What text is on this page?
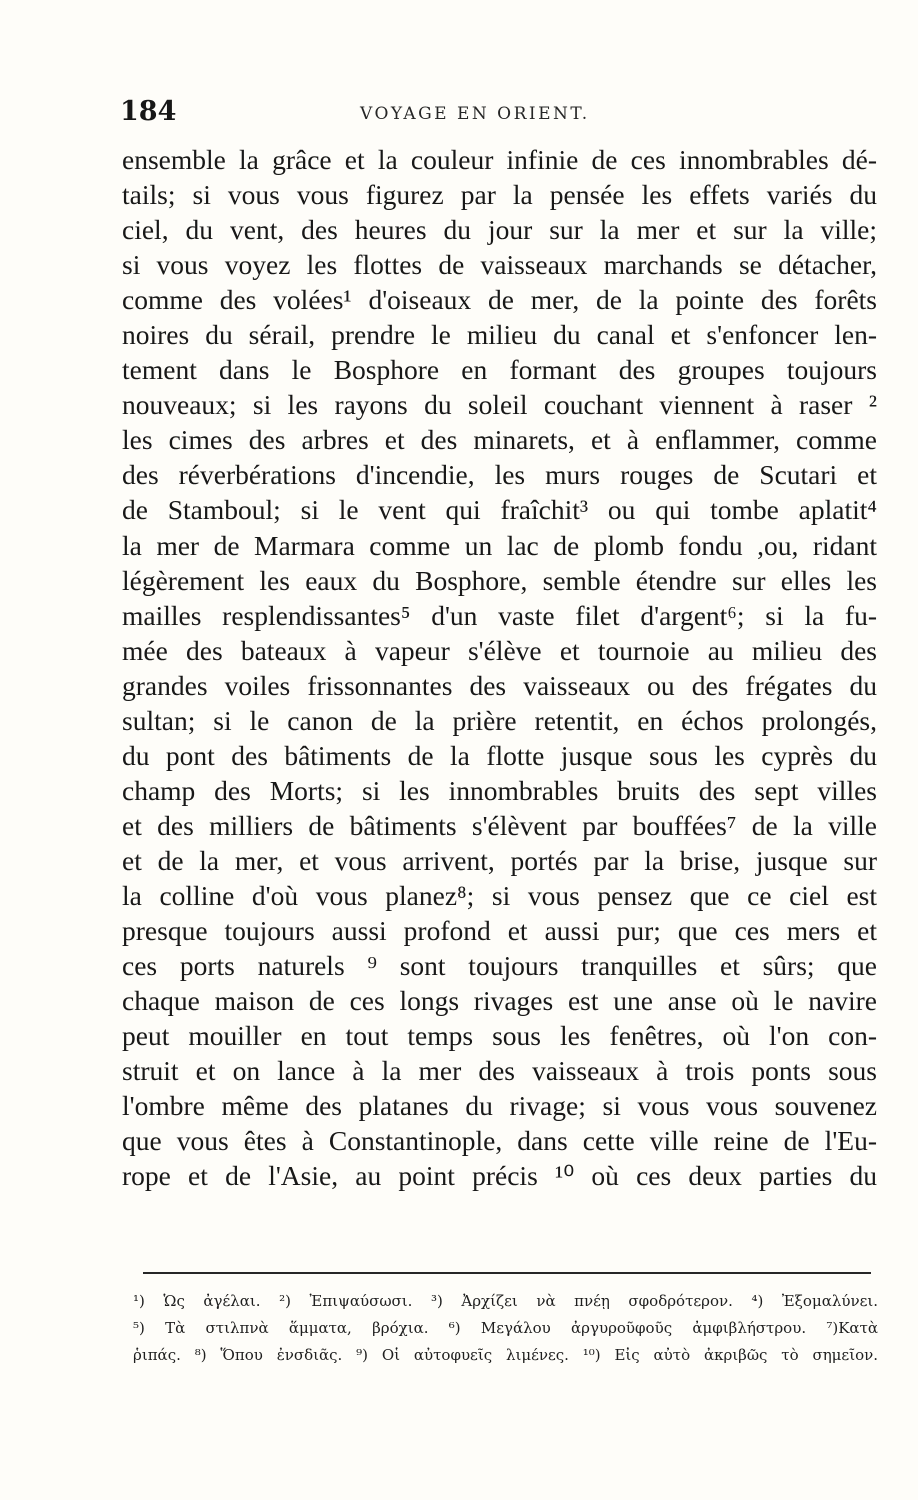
184	VOYAGE EN ORIENT.
ensemble la grâce et la couleur infinie de ces innombrables dé-
tails; si vous vous figurez par la pensée les effets variés du
ciel, du vent, des heures du jour sur la mer et sur la ville;
si vous voyez les flottes de vaisseaux marchands se détacher,
comme des volées¹ d'oiseaux de mer, de la pointe des forêts
noires du sérail, prendre le milieu du canal et s'enfoncer len-
tement dans le Bosphore en formant des groupes toujours
nouveaux; si les rayons du soleil couchant viennent à raser ²
les cimes des arbres et des minarets, et à enflammer, comme
des réverbérations d'incendie, les murs rouges de Scutari et
de Stamboul; si le vent qui fraîchit³ ou qui tombe aplatit⁴
la mer de Marmara comme un lac de plomb fondu ,ou, ridant
légèrement les eaux du Bosphore, semble étendre sur elles les
mailles resplendissantes⁵ d'un vaste filet d'argent⁶; si la fu-
mée des bateaux à vapeur s'élève et tournoie au milieu des
grandes voiles frissonnantes des vaisseaux ou des frégates du
sultan; si le canon de la prière retentit, en échos prolongés,
du pont des bâtiments de la flotte jusque sous les cyprès du
champ des Morts; si les innombrables bruits des sept villes
et des milliers de bâtiments s'élèvent par bouffées⁷ de la ville
et de la mer, et vous arrivent, portés par la brise, jusque sur
la colline d'où vous planez⁸; si vous pensez que ce ciel est
presque toujours aussi profond et aussi pur; que ces mers et
ces ports naturels ⁹ sont toujours tranquilles et sûrs; que
chaque maison de ces longs rivages est une anse où le navire
peut mouiller en tout temps sous les fenêtres, où l'on con-
struit et on lance à la mer des vaisseaux à trois ponts sous
l'ombre même des platanes du rivage; si vous vous souvenez
que vous êtes à Constantinople, dans cette ville reine de l'Eu-
rope et de l'Asie, au point précis ¹⁰ où ces deux parties du
¹) Ὡς ἀγέλαι. ²) Ἐπιψαύσωσι. ³) Ἀρχίζει νὰ πνέῃ σφοδρότερον. ⁴) Ἐξομαλύνει.
⁵) Τὰ στιλπνὰ ἅμματα, βρόχια. ⁶) Μεγάλου ἀργυροῦφοῦς ἀμφιβλήστρου. ⁷)Κατὰ
ῥιπάς. ⁸) Ὅπου ἐνσδιᾶς. ⁹) Οἱ αὐτοφυεῖς λιμένες. ¹⁰) Εἰς αὐτὸ ἀκριβῶς τὸ σημεῖον.
